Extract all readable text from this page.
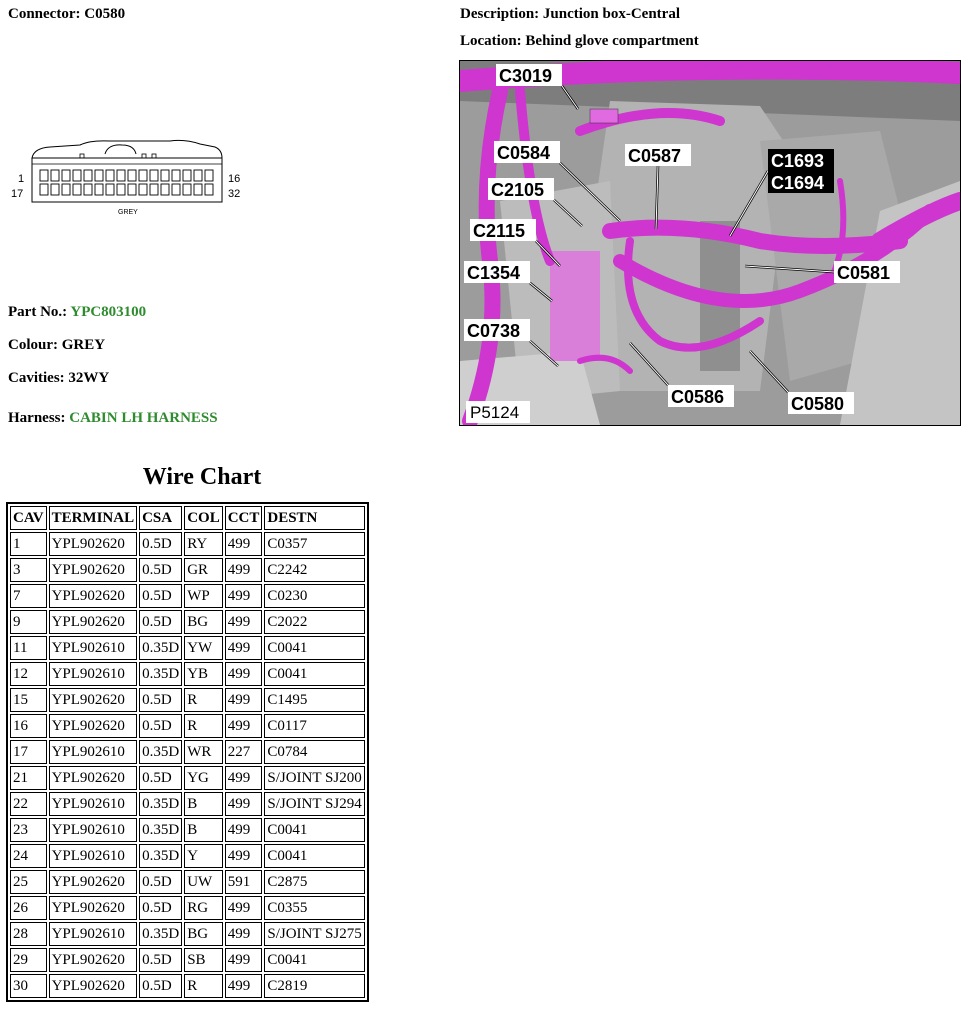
Connector: C0580	Description: Junction box-Central
Location: Behind glove compartment
1
17
16
32
GREY
Part No.: YPC803100
Colour: GREY
Cavities: 32WY
Harness: CABIN LH HARNESS
C3019
C0584	C0587	C1693
C1694
C2105
C2115
C1354	C0581
C0738
C0586	C0580
P5124
Wire Chart
CAV	TERMINAL	CSA	COL	CCT	DESTN
1	YPL902620	0.5D	RY	499	C0357
3	YPL902620	0.5D	GR	499	C2242
7	YPL902620	0.5D	WP	499	C0230
9	YPL902620	0.5D	BG	499	C2022
11	YPL902610	0.35D	YW	499	C0041
12	YPL902610	0.35D	YB	499	C0041
15	YPL902620	0.5D	R	499	C1495
16	YPL902620	0.5D	R	499	C0117
17	YPL902610	0.35D	WR	227	C0784
21	YPL902620	0.5D	YG	499	S/JOINT SJ200
22	YPL902610	0.35D	B	499	S/JOINT SJ294
23	YPL902610	0.35D	B	499	C0041
24	YPL902610	0.35D	Y	499	C0041
25	YPL902620	0.5D	UW	591	C2875
26	YPL902620	0.5D	RG	499	C0355
28	YPL902610	0.35D	BG	499	S/JOINT SJ275
29	YPL902620	0.5D	SB	499	C0041
30	YPL902620	0.5D	R	499	C2819
